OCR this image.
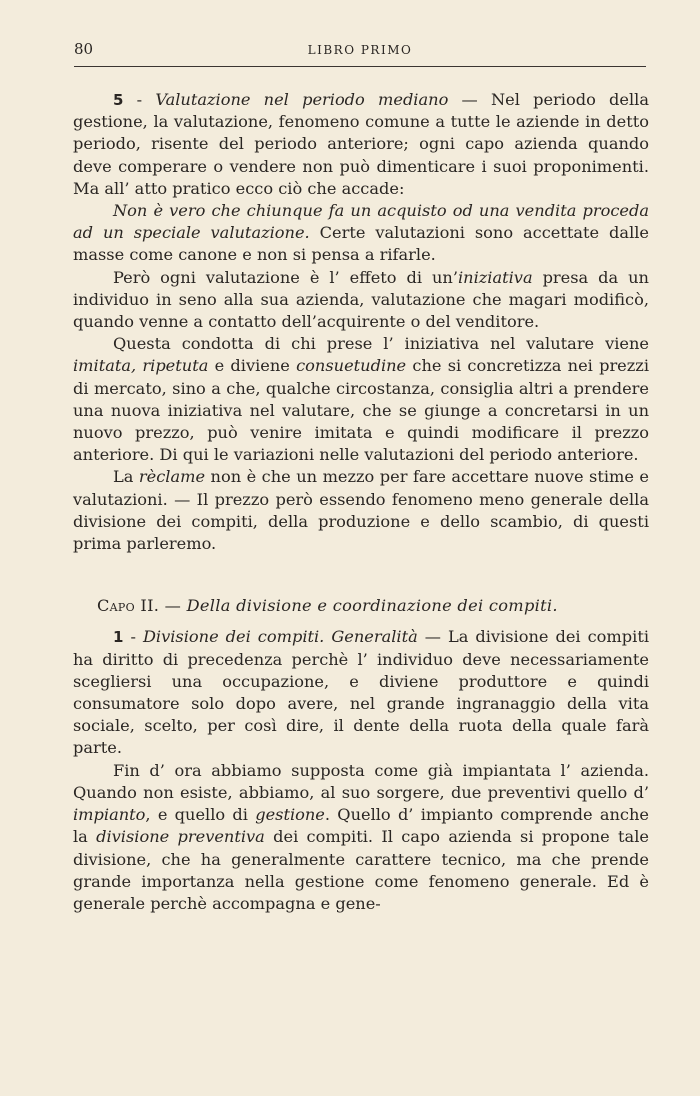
80	LIBRO PRIMO

5 - Valutazione nel periodo mediano — Nel periodo della gestione, la valutazione, fenomeno comune a tutte le aziende in detto periodo, risente del periodo anteriore; ogni capo azienda quando deve comperare o vendere non può dimenticare i suoi proponimenti. Ma all’ atto pratico ecco ciò che accade:

Non è vero che chiunque fa un acquisto od una vendita proceda ad un speciale valutazione. Certe valutazioni sono accettate dalle masse come canone e non si pensa a rifarle.

Però ogni valutazione è l’ effeto di un’iniziativa presa da un individuo in seno alla sua azienda, valutazione che magari modificò, quando venne a contatto dell’acquirente o del venditore.

Questa condotta di chi prese l’ iniziativa nel valutare viene imitata, ripetuta e diviene consuetudine che si concretizza nei prezzi di mercato, sino a che, qualche circostanza, consiglia altri a prendere una nuova iniziativa nel valutare, che se giunge a concretarsi in un nuovo prezzo, può venire imitata e quindi modificare il prezzo anteriore. Di qui le variazioni nelle valutazioni del periodo anteriore.

La rèclame non è che un mezzo per fare accettare nuove stime e valutazioni. — Il prezzo però essendo fenomeno meno generale della divisione dei compiti, della produzione e dello scambio, di questi prima parleremo.

Capo II. — Della divisione e coordinazione dei compiti.

1 - Divisione dei compiti. Generalità — La divisione dei compiti ha diritto di precedenza perchè l’ individuo deve necessariamente scegliersi una occupazione, e diviene produttore e quindi consumatore solo dopo avere, nel grande ingranaggio della vita sociale, scelto, per così dire, il dente della ruota della quale farà parte.

Fin d’ ora abbiamo supposta come già impiantata l’ azienda. Quando non esiste, abbiamo, al suo sorgere, due preventivi quello d’ impianto, e quello di gestione. Quello d’ impianto comprende anche la divisione preventiva dei compiti. Il capo azienda si propone tale divisione, che ha generalmente carattere tecnico, ma che prende grande importanza nella gestione come fenomeno generale. Ed è generale perchè accompagna e gene-
